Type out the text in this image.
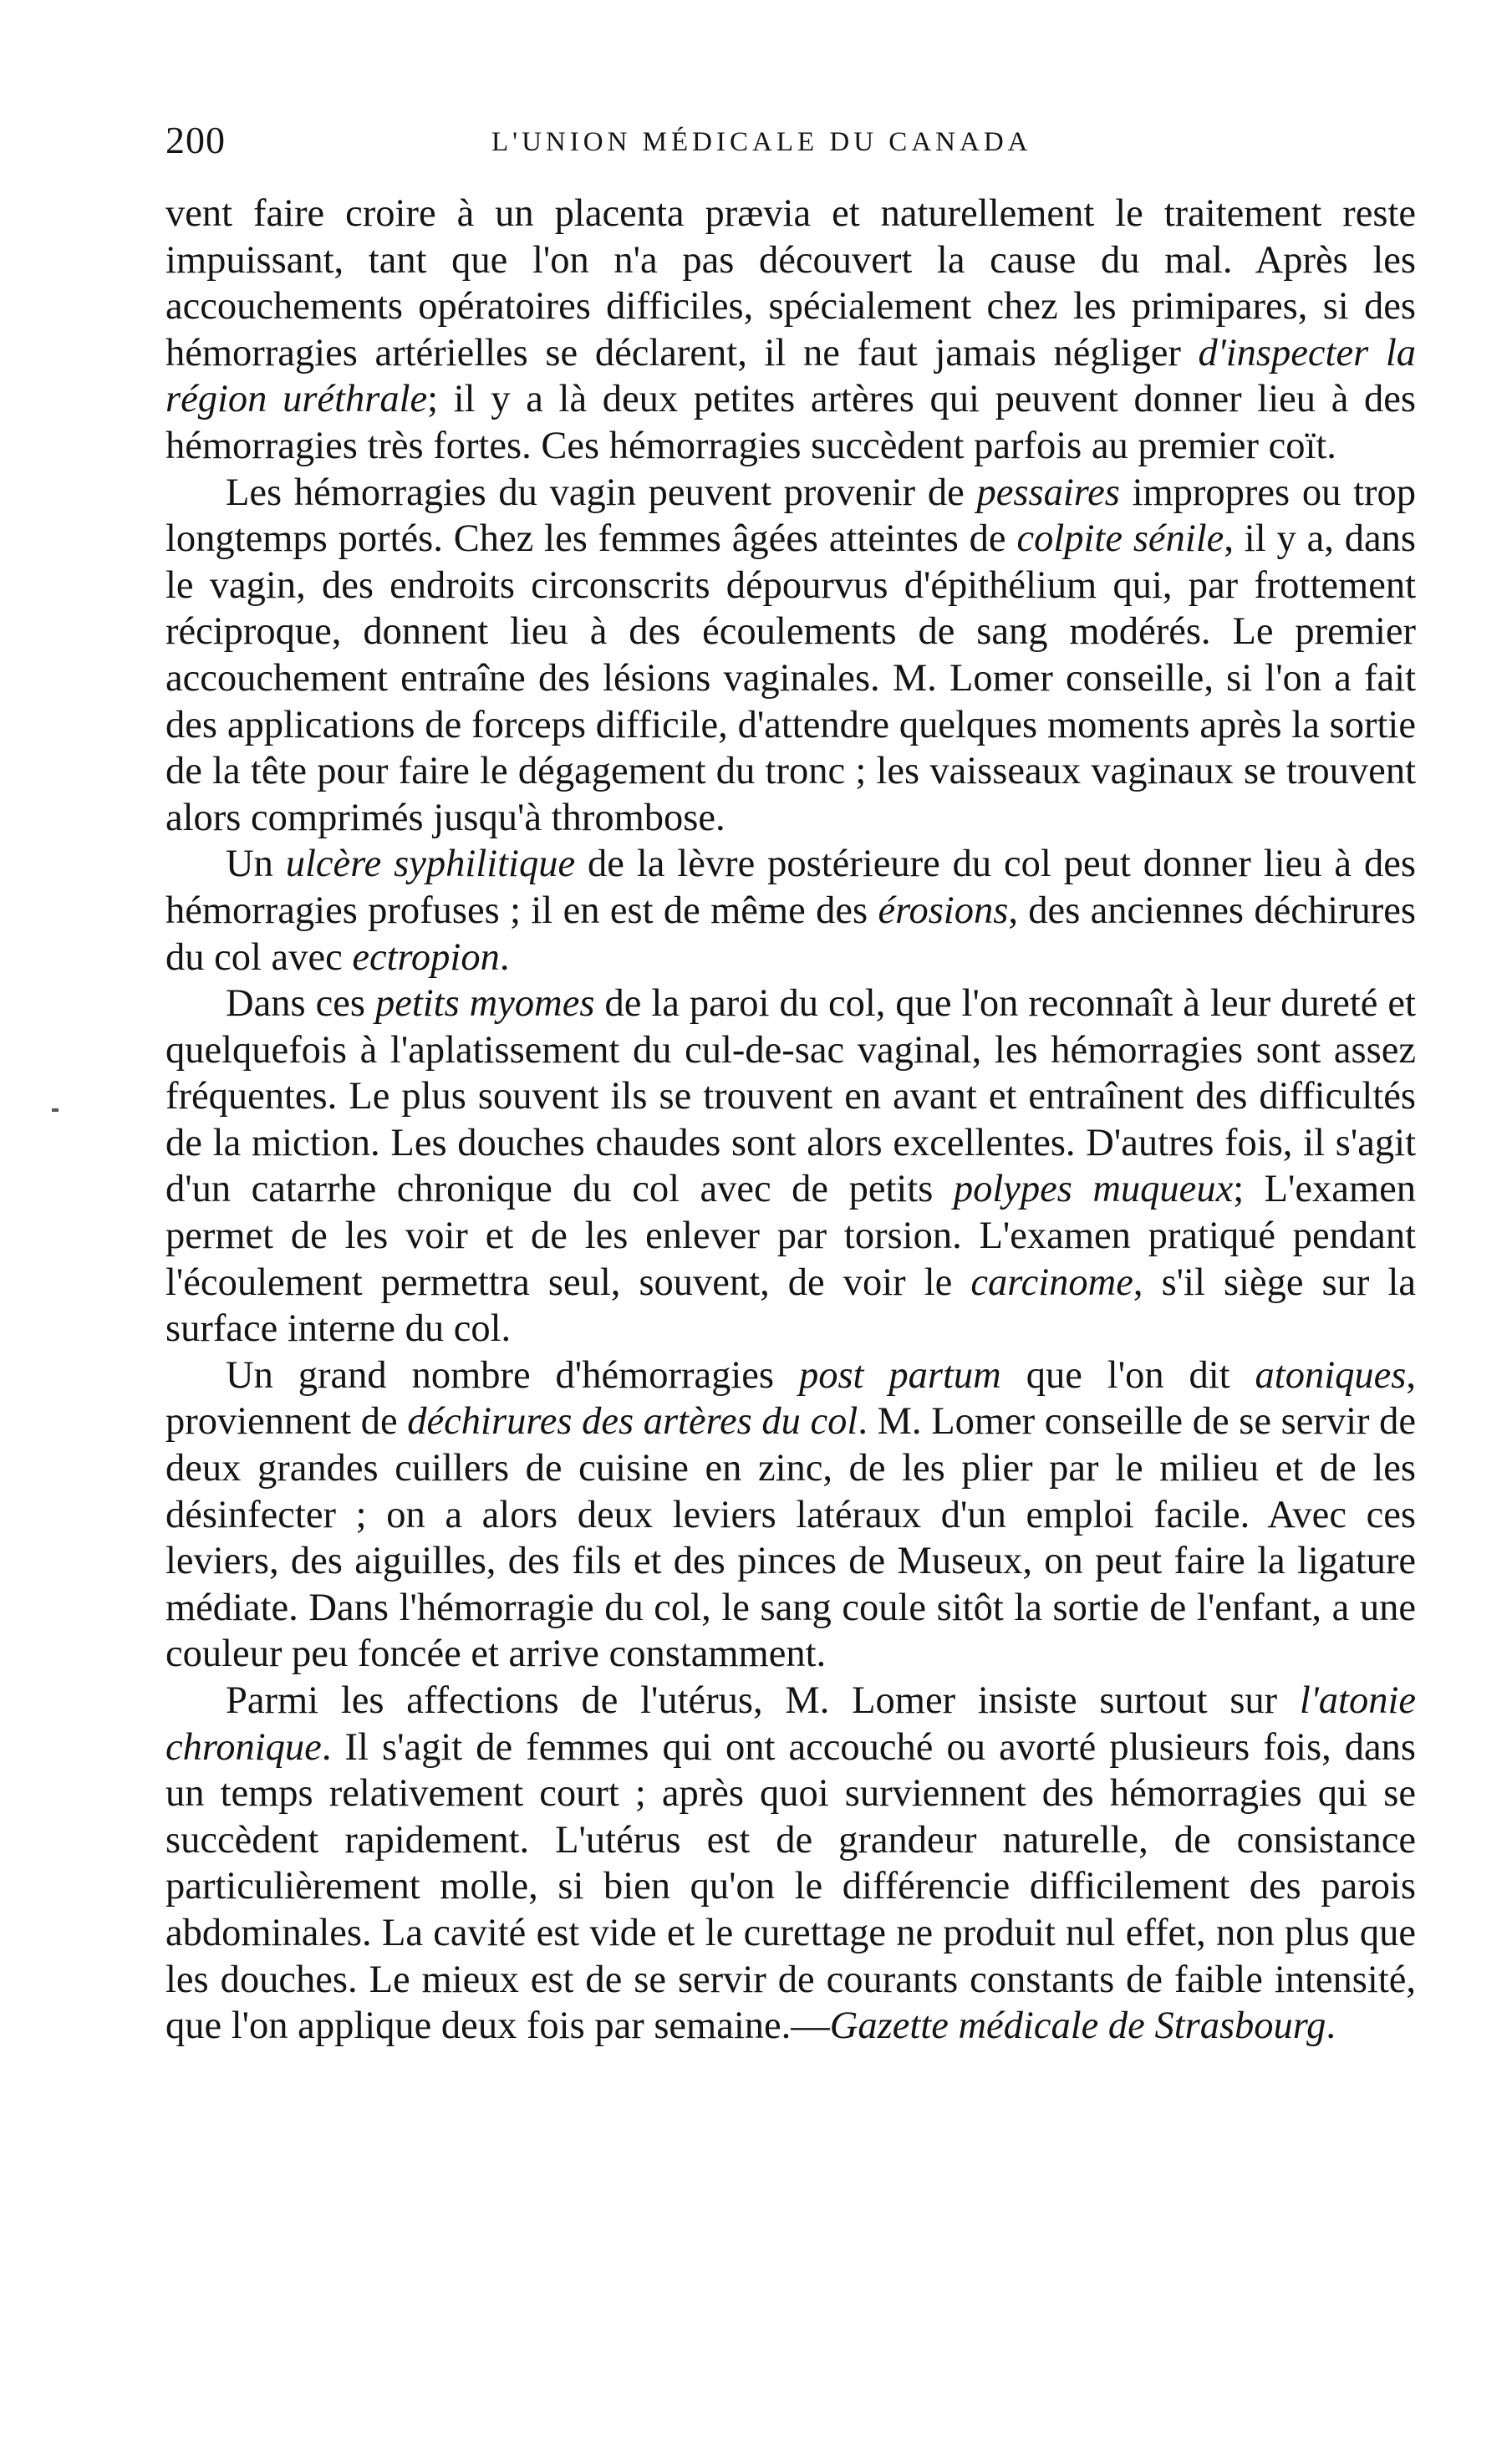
200	L'UNION MÉDICALE DU CANADA

vent faire croire à un placenta prævia et naturellement le traitement reste impuissant, tant que l'on n'a pas découvert la cause du mal. Après les accouchements opératoires difficiles, spécialement chez les primipares, si des hémorragies artérielles se déclarent, il ne faut jamais négliger d'inspecter la région uréthrale; il y a là deux petites artères qui peuvent donner lieu à des hémorragies très fortes. Ces hémorragies succèdent parfois au premier coït.

Les hémorragies du vagin peuvent provenir de pessaires impropres ou trop longtemps portés. Chez les femmes âgées atteintes de colpite sénile, il y a, dans le vagin, des endroits circonscrits dépourvus d'épithélium qui, par frottement réciproque, donnent lieu à des écoulements de sang modérés. Le premier accouchement entraîne des lésions vaginales. M. Lomer conseille, si l'on a fait des applications de forceps difficile, d'attendre quelques moments après la sortie de la tête pour faire le dégagement du tronc ; les vaisseaux vaginaux se trouvent alors comprimés jusqu'à thrombose.

Un ulcère syphilitique de la lèvre postérieure du col peut donner lieu à des hémorragies profuses ; il en est de même des érosions, des anciennes déchirures du col avec ectropion.

Dans ces petits myomes de la paroi du col, que l'on reconnaît à leur dureté et quelquefois à l'aplatissement du cul-de-sac vaginal, les hémorragies sont assez fréquentes. Le plus souvent ils se trouvent en avant et entraînent des difficultés de la miction. Les douches chaudes sont alors excellentes. D'autres fois, il s'agit d'un catarrhe chronique du col avec de petits polypes muqueux; L'examen permet de les voir et de les enlever par torsion. L'examen pratiqué pendant l'écoulement permettra seul, souvent, de voir le carcinome, s'il siège sur la surface interne du col.

Un grand nombre d'hémorragies post partum que l'on dit atoniques, proviennent de déchirures des artères du col. M. Lomer conseille de se servir de deux grandes cuillers de cuisine en zinc, de les plier par le milieu et de les désinfecter ; on a alors deux leviers latéraux d'un emploi facile. Avec ces leviers, des aiguilles, des fils et des pinces de Museux, on peut faire la ligature médiate. Dans l'hémorragie du col, le sang coule sitôt la sortie de l'enfant, a une couleur peu foncée et arrive constamment.

Parmi les affections de l'utérus, M. Lomer insiste surtout sur l'atonie chronique. Il s'agit de femmes qui ont accouché ou avorté plusieurs fois, dans un temps relativement court ; après quoi surviennent des hémorragies qui se succèdent rapidement. L'utérus est de grandeur naturelle, de consistance particulièrement molle, si bien qu'on le différencie difficilement des parois abdominales. La cavité est vide et le curettage ne produit nul effet, non plus que les douches. Le mieux est de se servir de courants constants de faible intensité, que l'on applique deux fois par semaine.—Gazette médicale de Strasbourg.
